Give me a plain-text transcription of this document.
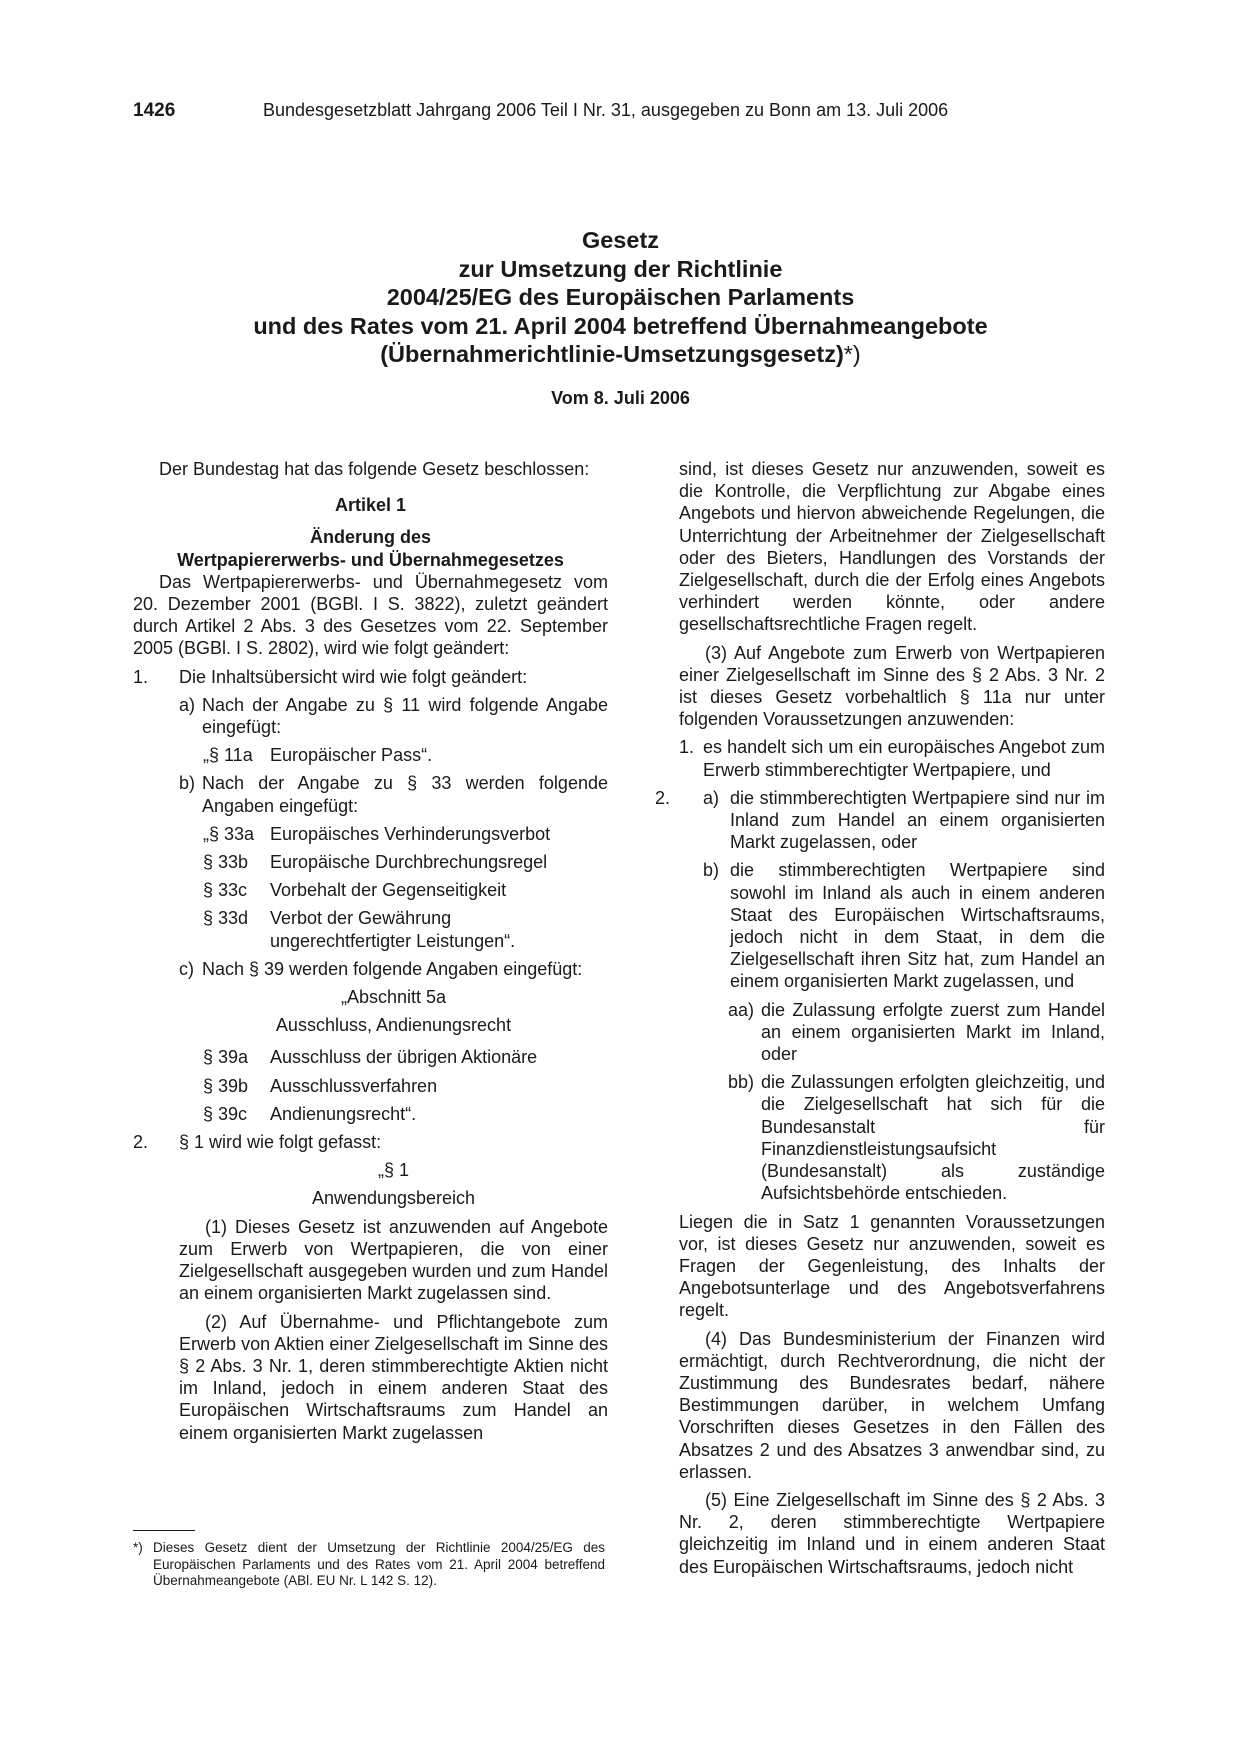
1426	Bundesgesetzblatt Jahrgang 2006 Teil I Nr. 31, ausgegeben zu Bonn am 13. Juli 2006
Gesetz
zur Umsetzung der Richtlinie
2004/25/EG des Europäischen Parlaments
und des Rates vom 21. April 2004 betreffend Übernahmeangebote
(Übernahmerichtlinie-Umsetzungsgesetz)*)
Vom 8. Juli 2006

Der Bundestag hat das folgende Gesetz beschlossen:

Artikel 1

Änderung des

Wertpapiererwerbs- und Übernahmegesetzes

Das Wertpapiererwerbs- und Übernahmegesetz vom 20. Dezember 2001 (BGBl. I S. 3822), zuletzt geändert durch Artikel 2 Abs. 3 des Gesetzes vom 22. September 2005 (BGBl. I S. 2802), wird wie folgt geändert:

1. Die Inhaltsübersicht wird wie folgt geändert:
a) Nach der Angabe zu § 11 wird folgende Angabe eingefügt:
„§ 11a Europäischer Pass“.
b) Nach der Angabe zu § 33 werden folgende Angaben eingefügt:
„§ 33a Europäisches Verhinderungsverbot
§ 33b Europäische Durchbrechungsregel
§ 33c Vorbehalt der Gegenseitigkeit
§ 33d Verbot der Gewährung ungerechtfertigter Leistungen“.
c) Nach § 39 werden folgende Angaben eingefügt:

„Abschnitt 5a

Ausschluss, Andienungsrecht

§ 39a Ausschluss der übrigen Aktionäre
§ 39b Ausschlussverfahren
§ 39c Andienungsrecht“.
2. § 1 wird wie folgt gefasst:

„§ 1

Anwendungsbereich

(1) Dieses Gesetz ist anzuwenden auf Angebote zum Erwerb von Wertpapieren, die von einer Zielgesellschaft ausgegeben wurden und zum Handel an einem organisierten Markt zugelassen sind.

(2) Auf Übernahme- und Pflichtangebote zum Erwerb von Aktien einer Zielgesellschaft im Sinne des § 2 Abs. 3 Nr. 1, deren stimmberechtigte Aktien nicht im Inland, jedoch in einem anderen Staat des Europäischen Wirtschaftsraums zum Handel an einem organisierten Markt zugelassen

sind, ist dieses Gesetz nur anzuwenden, soweit es die Kontrolle, die Verpflichtung zur Abgabe eines Angebots und hiervon abweichende Regelungen, die Unterrichtung der Arbeitnehmer der Zielgesellschaft oder des Bieters, Handlungen des Vorstands der Zielgesellschaft, durch die der Erfolg eines Angebots verhindert werden könnte, oder andere gesellschaftsrechtliche Fragen regelt.

(3) Auf Angebote zum Erwerb von Wertpapieren einer Zielgesellschaft im Sinne des § 2 Abs. 3 Nr. 2 ist dieses Gesetz vorbehaltlich § 11a nur unter folgenden Voraussetzungen anzuwenden:

1. es handelt sich um ein europäisches Angebot zum Erwerb stimmberechtigter Wertpapiere, und
2. a) die stimmberechtigten Wertpapiere sind nur im Inland zum Handel an einem organisierten Markt zugelassen, oder
b) die stimmberechtigten Wertpapiere sind sowohl im Inland als auch in einem anderen Staat des Europäischen Wirtschaftsraums, jedoch nicht in dem Staat, in dem die Zielgesellschaft ihren Sitz hat, zum Handel an einem organisierten Markt zugelassen, und
aa) die Zulassung erfolgte zuerst zum Handel an einem organisierten Markt im Inland, oder
bb) die Zulassungen erfolgten gleichzeitig, und die Zielgesellschaft hat sich für die Bundesanstalt für Finanzdienstleistungsaufsicht (Bundesanstalt) als zuständige Aufsichtsbehörde entschieden.

Liegen die in Satz 1 genannten Voraussetzungen vor, ist dieses Gesetz nur anzuwenden, soweit es Fragen der Gegenleistung, des Inhalts der Angebotsunterlage und des Angebotsverfahrens regelt.

(4) Das Bundesministerium der Finanzen wird ermächtigt, durch Rechtverordnung, die nicht der Zustimmung des Bundesrates bedarf, nähere Bestimmungen darüber, in welchem Umfang Vorschriften dieses Gesetzes in den Fällen des Absatzes 2 und des Absatzes 3 anwendbar sind, zu erlassen.

(5) Eine Zielgesellschaft im Sinne des § 2 Abs. 3 Nr. 2, deren stimmberechtigte Wertpapiere gleichzeitig im Inland und in einem anderen Staat des Europäischen Wirtschaftsraums, jedoch nicht

*) Dieses Gesetz dient der Umsetzung der Richtlinie 2004/25/EG des Europäischen Parlaments und des Rates vom 21. April 2004 betreffend Übernahmeangebote (ABl. EU Nr. L 142 S. 12).
